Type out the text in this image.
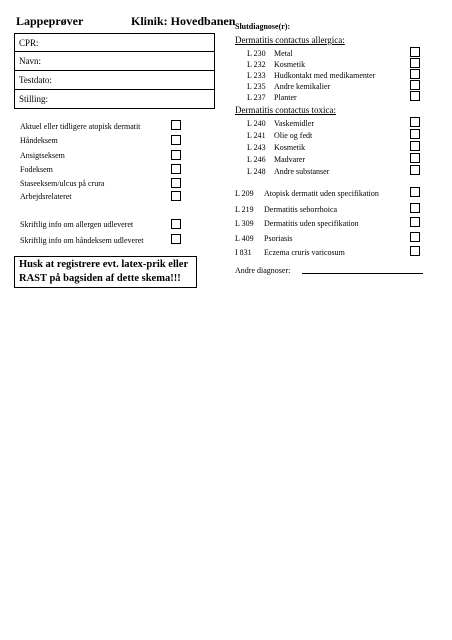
Lappeprøver	Klinik: Hovedbanen Slutdiagnose(r):
CPR:
Navn:
Testdato:
Stilling:
Aktuel eller tidligere atopisk dermatit
Håndeksem
Ansigtseksem
Fodeksem
Staseeksem/ulcus på crura
Arbejdsrelateret
Skriftlig info om allergen udleveret
Skriftlig info om håndeksem udleveret
Husk at registrere evt. latex-prik eller
RAST på bagsiden af dette skema!!!
Dermatitis contactus allergica:
L 230 Metal
L 232 Kosmetik
L 233 Hudkontakt med medikamenter
L 235 Andre kemikalier
L 237 Planter
Dermatitis contactus toxica:
L 240 Vaskemidler
L 241 Olie og fedt
L 243 Kosmetik
L 246 Madvarer
L 248 Andre substanser
L 209 Atopisk dermatit uden specifikation
L 219 Dermatitis seborrhoica
L 309 Dermatitis uden specifikation
L 409 Psoriasis
I 831 Eczema cruris varicosum
Andre diagnoser:
